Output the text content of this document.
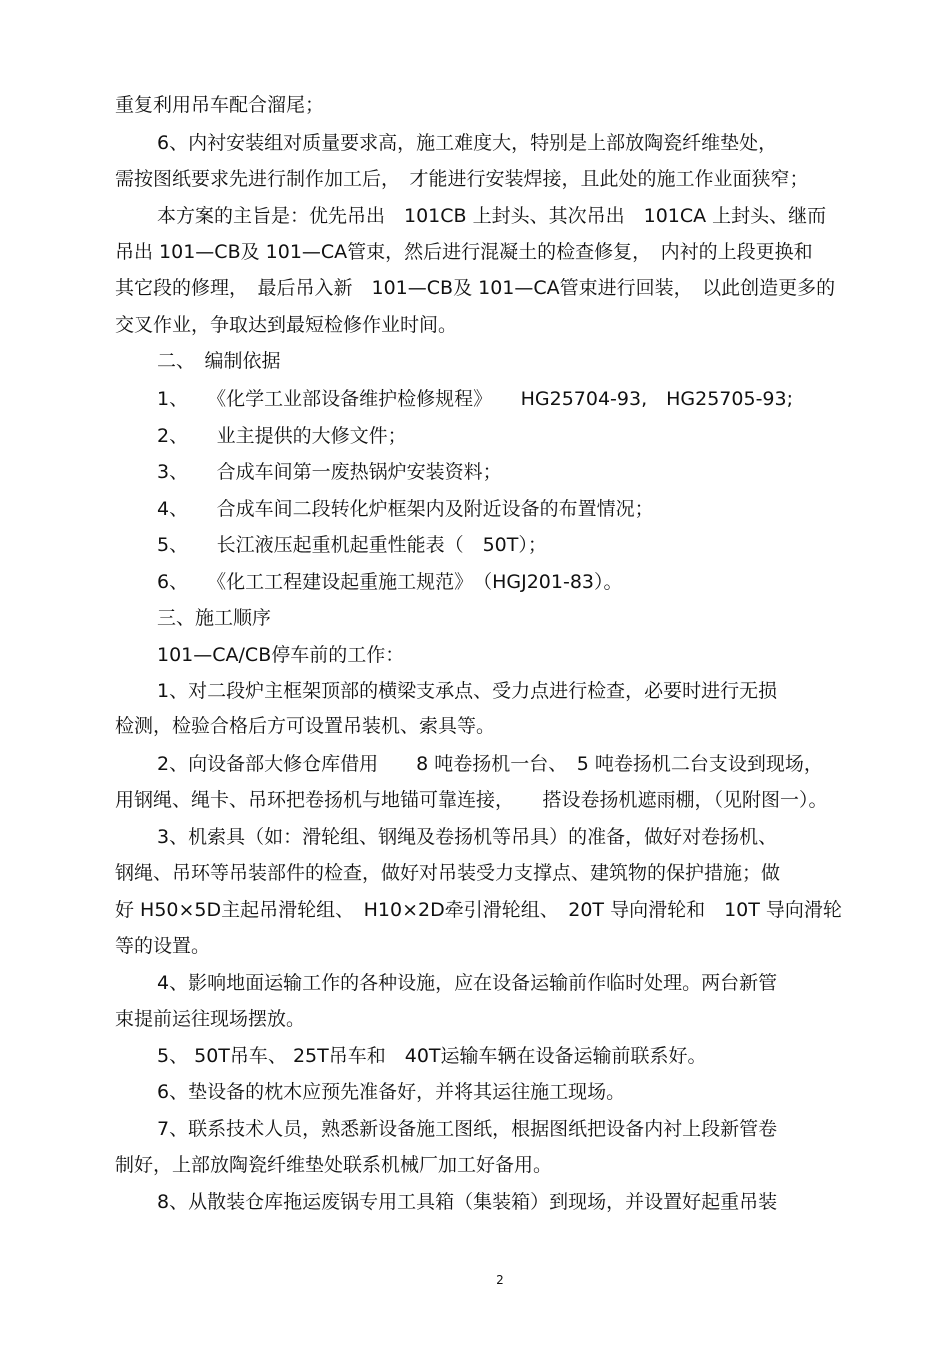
重复利用吊车配合溜尾；
6、内衬安装组对质量要求高，施工难度大，特别是上部放陶瓷纤维垫处，
需按图纸要求先进行制作加工后，　才能进行安装焊接，且此处的施工作业面狭窄；
本方案的主旨是：优先吊出　101CB 上封头、其次吊出　101CA 上封头、继而
吊出 101—CB及 101—CA管束，然后进行混凝土的检查修复，　内衬的上段更换和
其它段的修理，　最后吊入新　101—CB及 101—CA管束进行回装，　以此创造更多的
交叉作业，争取达到最短检修作业时间。
二、　编制依据
1、　　《化学工业部设备维护检修规程》　　HG25704-93,　HG25705-93;
2、　　业主提供的大修文件；
3、　　合成车间第一废热锅炉安装资料；
4、　　合成车间二段转化炉框架内及附近设备的布置情况；
5、　　长江液压起重机起重性能表（　50T）；
6、　　《化工工程建设起重施工规范》　（HGJ201-83）。
三、施工顺序
101—CA/CB停车前的工作：
1、对二段炉主框架顶部的横梁支承点、受力点进行检查，必要时进行无损
检测，检验合格后方可设置吊装机、索具等。
2、向设备部大修仓库借用　　8 吨卷扬机一台、　5 吨卷扬机二台支设到现场，
用钢绳、绳卡、吊环把卷扬机与地锚可靠连接，　　搭设卷扬机遮雨棚，（见附图一）。
3、机索具（如：滑轮组、钢绳及卷扬机等吊具）的准备，做好对卷扬机、
钢绳、吊环等吊装部件的检查，做好对吊装受力支撑点、建筑物的保护措施；做
好 H50×5D主起吊滑轮组、　H10×2D牵引滑轮组、　20T 导向滑轮和　10T 导向滑轮
等的设置。
4、影响地面运输工作的各种设施，应在设备运输前作临时处理。两台新管
束提前运往现场摆放。
5、 50T吊车、 25T吊车和　40T运输车辆在设备运输前联系好。
6、垫设备的枕木应预先准备好，并将其运往施工现场。
7、联系技术人员，熟悉新设备施工图纸，根据图纸把设备内衬上段新管卷
制好，上部放陶瓷纤维垫处联系机械厂加工好备用。
8、从散装仓库拖运废锅专用工具箱（集装箱）到现场，并设置好起重吊装
2
